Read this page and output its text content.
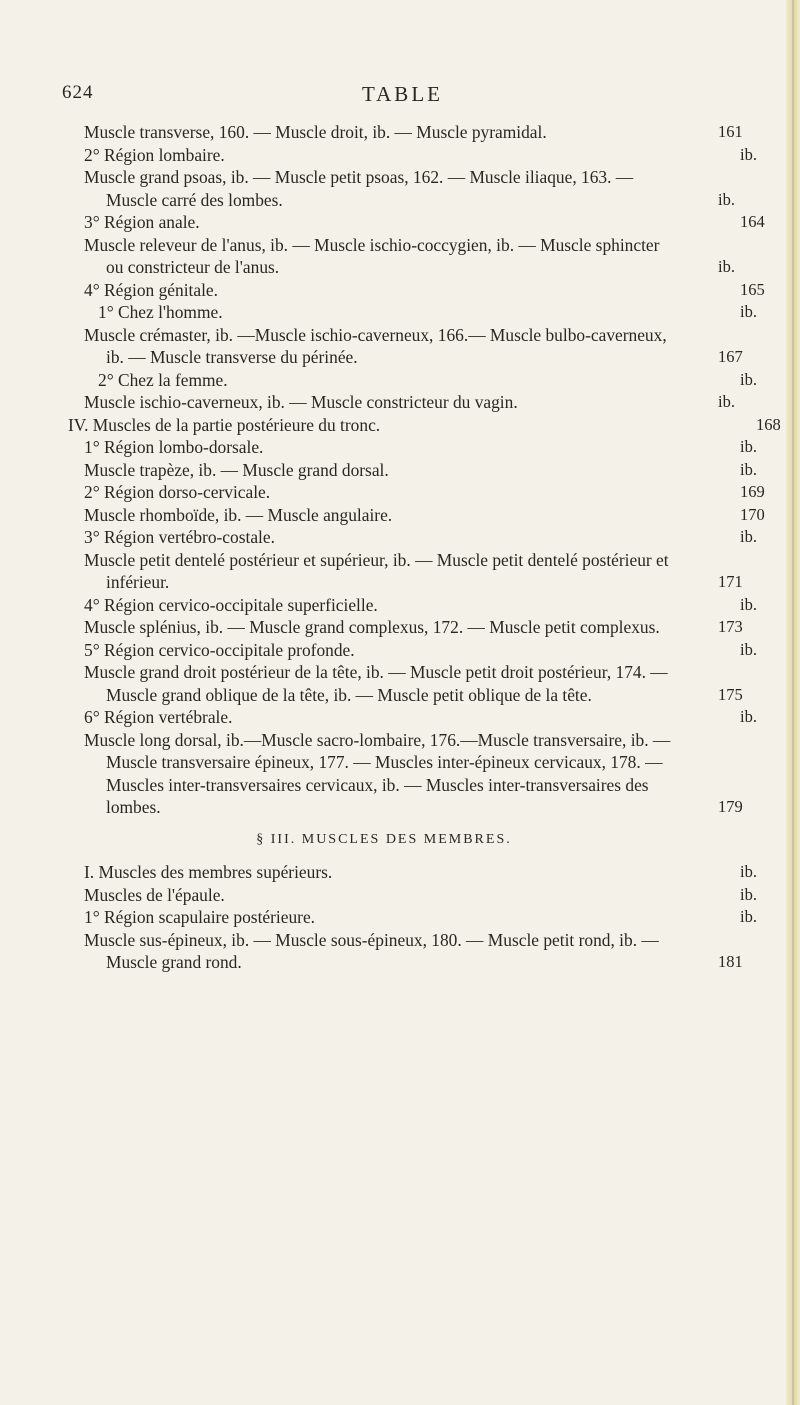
624	TABLE
Muscle transverse, 160. — Muscle droit, ib. — Muscle pyramidal.	161
2° Région lombaire.	ib.
Muscle grand psoas, ib. — Muscle petit psoas, 162. — Muscle iliaque, 163. — Muscle carré des lombes.	ib.
3° Région anale.	164
Muscle releveur de l'anus, ib. — Muscle ischio-coccygien, ib. — Muscle sphincter ou constricteur de l'anus.	ib.
4° Région génitale.	165
1° Chez l'homme.	ib.
Muscle crémaster, ib. —Muscle ischio-caverneux, 166.— Muscle bulbo-caverneux, ib. — Muscle transverse du périnée.	167
2° Chez la femme.	ib.
Muscle ischio-caverneux, ib. — Muscle constricteur du vagin.	ib.
IV. Muscles de la partie postérieure du tronc.	168
1° Région lombo-dorsale.	ib.
Muscle trapèze, ib. — Muscle grand dorsal.	ib.
2° Région dorso-cervicale.	169
Muscle rhomboïde, ib. — Muscle angulaire.	170
3° Région vertébro-costale.	ib.
Muscle petit dentelé postérieur et supérieur, ib. — Muscle petit dentelé postérieur et inférieur.	171
4° Région cervico-occipitale superficielle.	ib.
Muscle splénius, ib. — Muscle grand complexus, 172. — Muscle petit complexus.	173
5° Région cervico-occipitale profonde.	ib.
Muscle grand droit postérieur de la tête, ib. — Muscle petit droit postérieur, 174. — Muscle grand oblique de la tête, ib. — Muscle petit oblique de la tête.	175
6° Région vertébrale.	ib.
Muscle long dorsal, ib.—Muscle sacro-lombaire, 176.—Muscle transversaire, ib. — Muscle transversaire épineux, 177. — Muscles inter-épineux cervicaux, 178. — Muscles inter-transversaires cervicaux, ib. — Muscles inter-transversaires des lombes.	179
§ III. MUSCLES DES MEMBRES.
I. Muscles des membres supérieurs.	ib.
Muscles de l'épaule.	ib.
1° Région scapulaire postérieure.	ib.
Muscle sus-épineux, ib. — Muscle sous-épineux, 180. — Muscle petit rond, ib. — Muscle grand rond.	181
